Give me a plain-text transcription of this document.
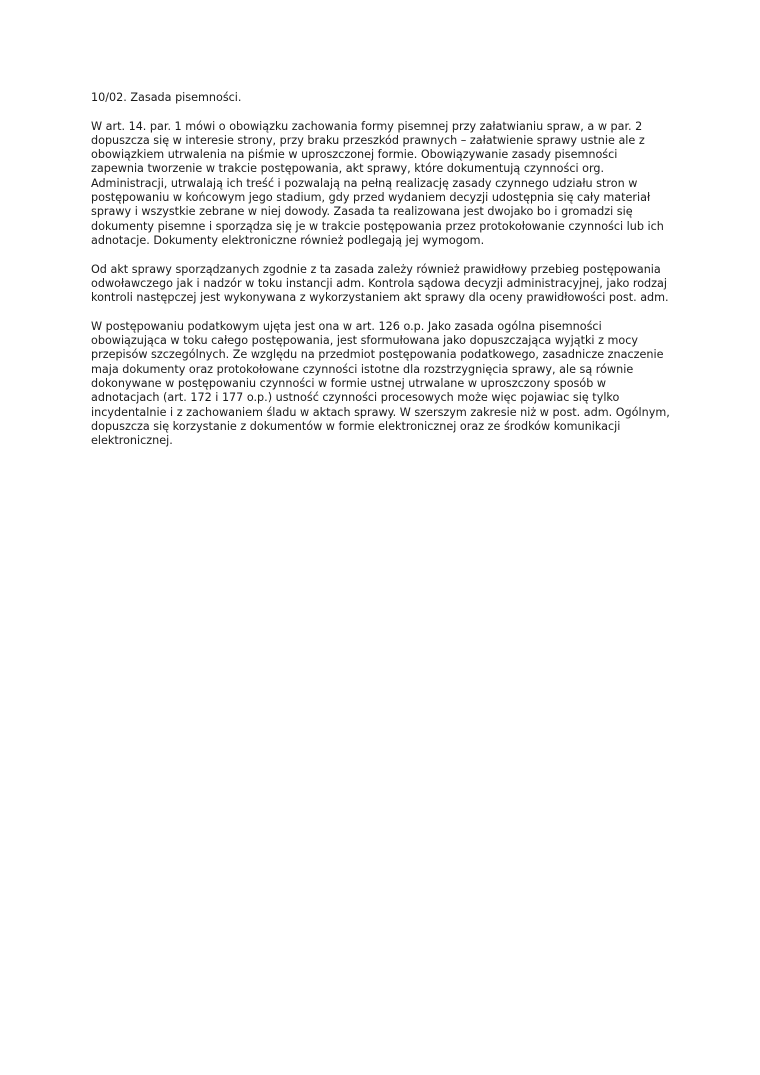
10/02. Zasada pisemności.

W art. 14. par. 1 mówi o obowiązku zachowania formy pisemnej przy załatwianiu spraw, a w par. 2 dopuszcza się w interesie strony, przy braku przeszkód prawnych – załatwienie sprawy ustnie ale z obowiązkiem utrwalenia na piśmie w uproszczonej formie. Obowiązywanie zasady pisemności zapewnia tworzenie w trakcie postępowania, akt sprawy, które dokumentują czynności org. Administracji, utrwalają ich treść i pozwalają na pełną realizację zasady czynnego udziału stron w postępowaniu w końcowym jego stadium, gdy przed wydaniem decyzji udostępnia się cały materiał sprawy i wszystkie zebrane w niej dowody. Zasada ta realizowana jest dwojako bo i gromadzi się dokumenty pisemne i sporządza się je w trakcie postępowania przez protokołowanie czynności lub ich adnotacje. Dokumenty elektroniczne również podlegają jej wymogom.

Od akt sprawy sporządzanych zgodnie z ta zasada zależy również prawidłowy przebieg postępowania odwoławczego jak i nadzór w toku instancji adm. Kontrola sądowa decyzji administracyjnej, jako rodzaj kontroli następczej jest wykonywana z wykorzystaniem akt sprawy dla oceny prawidłowości post. adm.

W postępowaniu podatkowym ujęta jest ona w art. 126 o.p. Jako zasada ogólna pisemności obowiązująca w toku całego postępowania, jest sformułowana jako dopuszczająca wyjątki z mocy przepisów szczególnych. Ze względu na przedmiot postępowania podatkowego, zasadnicze znaczenie maja dokumenty oraz protokołowane czynności istotne dla rozstrzygnięcia sprawy, ale są równie dokonywane w postępowaniu czynności w formie ustnej utrwalane w uproszczony sposób w adnotacjach (art. 172 i 177 o.p.) ustność czynności procesowych może więc pojawiac się tylko incydentalnie i z zachowaniem śladu w aktach sprawy. W szerszym zakresie niż w post. adm. Ogólnym, dopuszcza się korzystanie z dokumentów w formie elektronicznej oraz ze środków komunikacji elektronicznej.
